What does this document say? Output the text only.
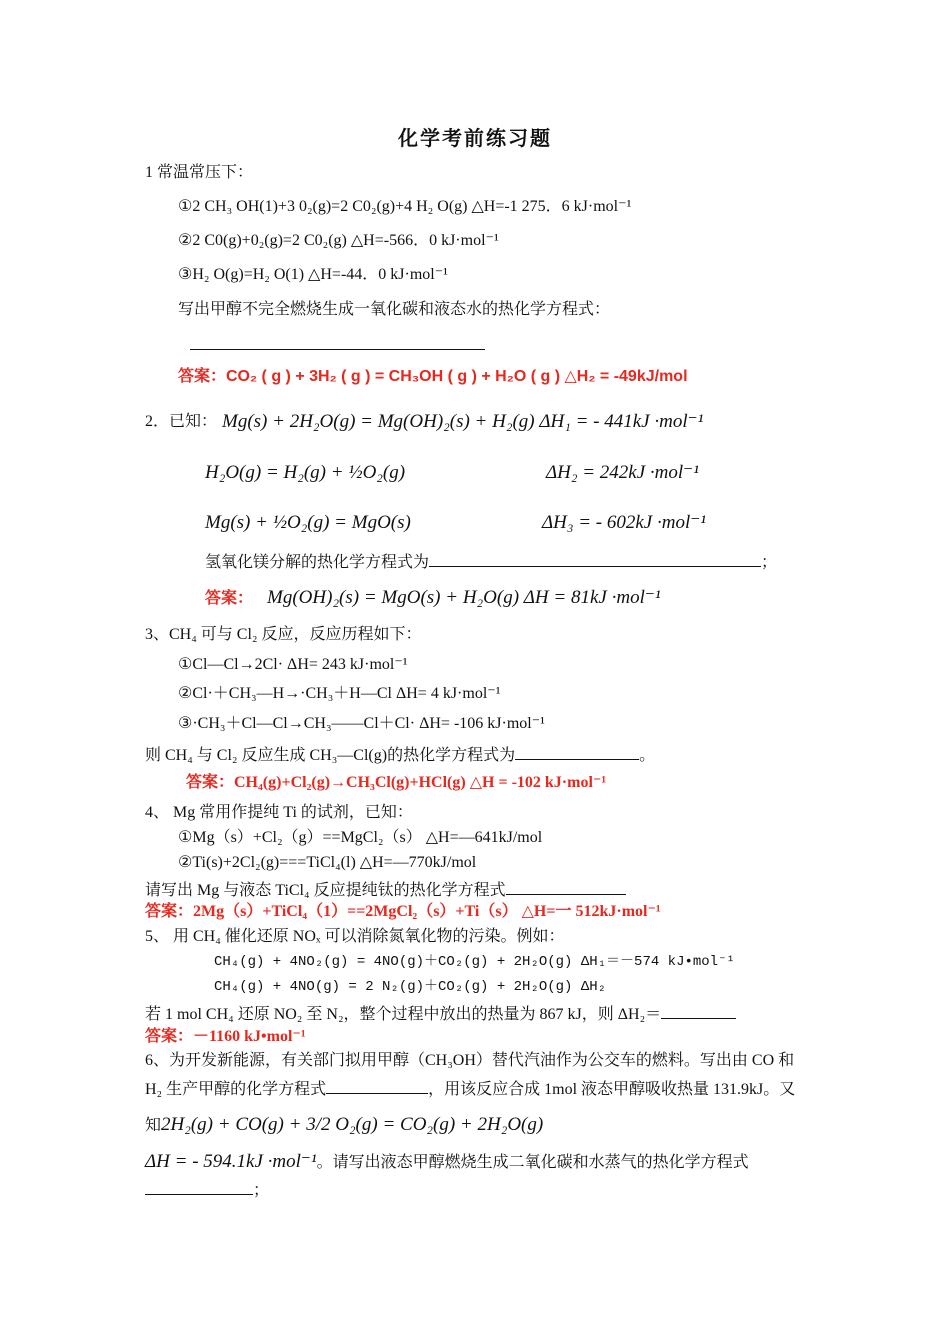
化学考前练习题
1 常温常压下：
①2 CH₃ OH(1)+3 0₂(g)=2 C0₂(g)+4 H₂ O(g) △H=-1 275．6 kJ·mol⁻¹
②2 C0(g)+0₂(g)=2 C0₂(g) △H=-566．0 kJ·mol⁻¹
③H₂ O(g)=H₂ O(1) △H=-44．0 kJ·mol⁻¹
写出甲醇不完全燃烧生成一氧化碳和液态水的热化学方程式：
答案：CO₂ ( g ) + 3H₂ ( g ) = CH₃OH ( g ) + H₂O ( g ) △H₂ = -49kJ/mol
2．已知： Mg(s) + 2H₂O(g) = Mg(OH)₂(s) + H₂(g) ΔH₁ = - 441kJ ·mol⁻¹
H₂O(g) = H₂(g) + ½O₂(g)	ΔH₂ = 242kJ ·mol⁻¹
Mg(s) + ½O₂(g) = MgO(s)	ΔH₃ = - 602kJ ·mol⁻¹
氢氧化镁分解的热化学方程式为	；
答案： Mg(OH)₂(s) = MgO(s) + H₂O(g) ΔH = 81kJ ·mol⁻¹
3、CH₄ 可与 Cl₂ 反应，反应历程如下：
①Cl—Cl→2Cl· ΔH= 243 kJ·mol⁻¹
②Cl·＋CH₃—H→·CH₃＋H—Cl ΔH= 4 kJ·mol⁻¹
③·CH₃＋Cl—Cl→CH₃——Cl＋Cl· ΔH= -106 kJ·mol⁻¹
则 CH₄ 与 Cl₂ 反应生成 CH₃—Cl(g)的热化学方程式为	。
答案：CH₄(g)+Cl₂(g)→CH₃Cl(g)+HCl(g) △H = -102 kJ·mol⁻¹
4、 Mg 常用作提纯 Ti 的试剂，已知：
①Mg（s）+Cl₂（g）==MgCl₂（s） △H=—641kJ/mol
②Ti(s)+2Cl₂(g)===TiCl₄(l) △H=—770kJ/mol
请写出 Mg 与液态 TiCl₄ 反应提纯钛的热化学方程式
答案：2Mg（s）+TiCl₄（1）==2MgCl₂（s）+Ti（s） △H=一 512kJ·mol⁻¹
5、 用 CH₄ 催化还原 NOₓ 可以消除氮氧化物的污染。例如：
CH₄(g) + 4NO₂(g) = 4NO(g)＋CO₂(g) + 2H₂O(g) ΔH₁＝－574 kJ•mol⁻¹
CH₄(g) + 4NO(g) = 2 N₂(g)＋CO₂(g) + 2H₂O(g) ΔH₂
若 1 mol CH₄ 还原 NO₂ 至 N₂，整个过程中放出的热量为 867 kJ，则 ΔH₂＝
答案：－1160 kJ•mol⁻¹
6、为开发新能源，有关部门拟用甲醇（CH₃OH）替代汽油作为公交车的燃料。写出由 CO 和
H₂ 生产甲醇的化学方程式	，用该反应合成 1mol 液态甲醇吸收热量 131.9kJ。又
知2H₂(g) + CO(g) + 3/2 O₂(g) = CO₂(g) + 2H₂O(g)
ΔH = - 594.1kJ ·mol⁻¹。请写出液态甲醇燃烧生成二氧化碳和水蒸气的热化学方程式
；
